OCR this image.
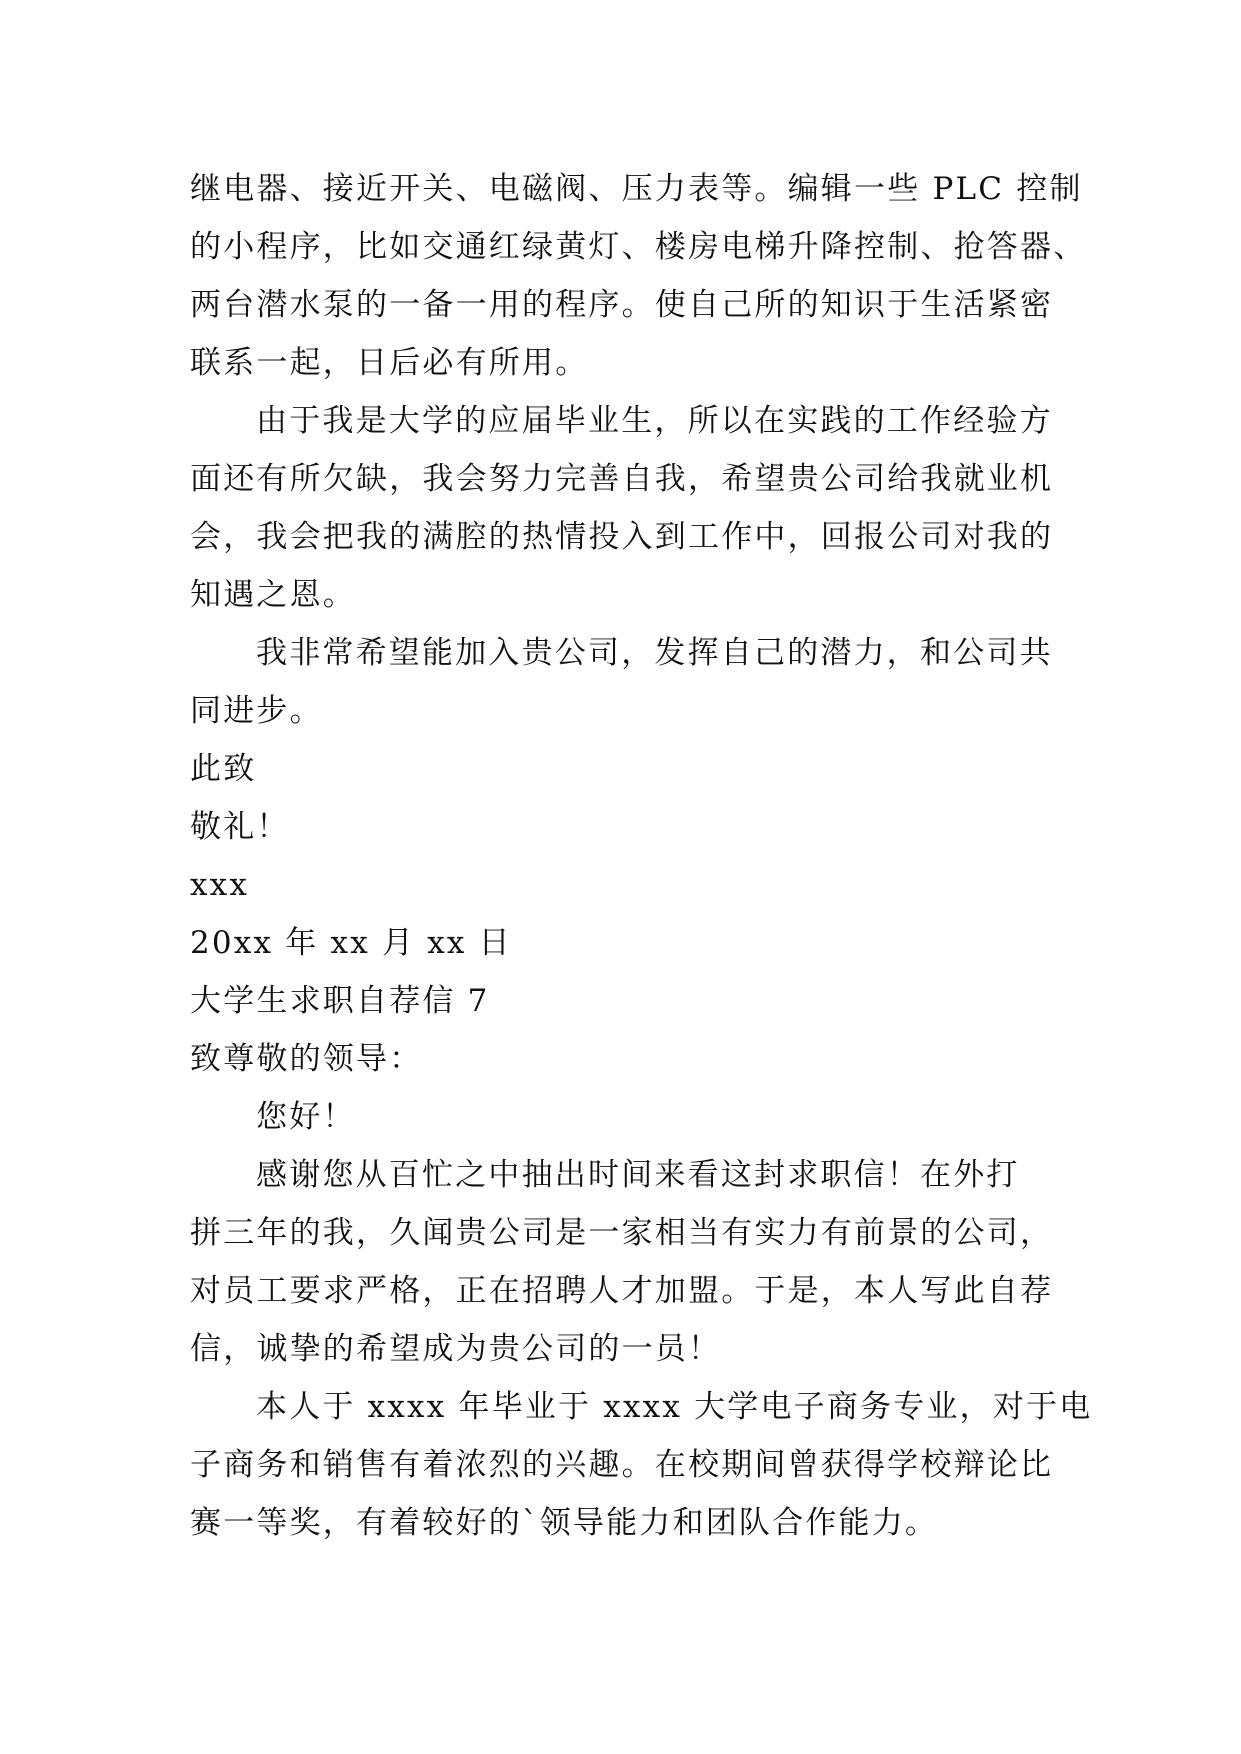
继电器、接近开关、电磁阀、压力表等。编辑一些 PLC 控制
的小程序，比如交通红绿黄灯、楼房电梯升降控制、抢答器、
两台潜水泵的一备一用的程序。使自己所的知识于生活紧密
联系一起，日后必有所用。
由于我是大学的应届毕业生，所以在实践的工作经验方
面还有所欠缺，我会努力完善自我，希望贵公司给我就业机
会，我会把我的满腔的热情投入到工作中，回报公司对我的
知遇之恩。
我非常希望能加入贵公司，发挥自己的潜力，和公司共
同进步。
此致
敬礼！
xxx
20xx 年 xx 月 xx 日
大学生求职自荐信 7
致尊敬的领导：
您好！
感谢您从百忙之中抽出时间来看这封求职信！在外打
拼三年的我，久闻贵公司是一家相当有实力有前景的公司，
对员工要求严格，正在招聘人才加盟。于是，本人写此自荐
信，诚挚的希望成为贵公司的一员！
本人于 xxxx 年毕业于 xxxx 大学电子商务专业，对于电
子商务和销售有着浓烈的兴趣。在校期间曾获得学校辩论比
赛一等奖，有着较好的`领导能力和团队合作能力。
